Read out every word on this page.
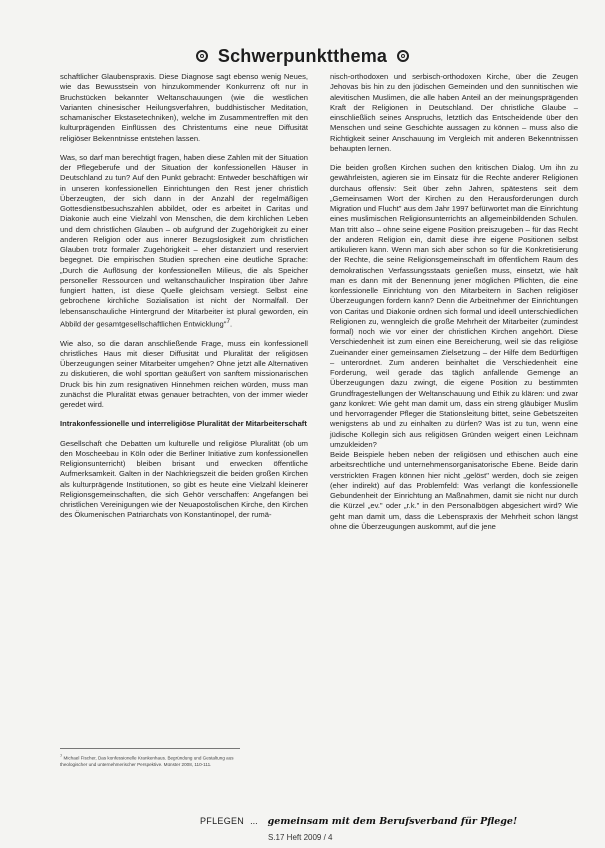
Schwerpunktthema

schaftlicher Glaubenspraxis. Diese Diagnose sagt ebenso wenig Neues, wie das Bewusstsein von hinzukommender Konkurrenz oft nur in Bruchstücken bekannter Weltanschauungen (wie die westlichen Varianten chinesischer Heilungsverfahren, buddhistischer Meditation, schamanischer Ekstasetechniken), welche im Zusammentreffen mit den kulturprägenden Einflüssen des Christentums eine neue Diffusität religiöser Bekenntnisse entstehen lassen.

Was, so darf man berechtigt fragen, haben diese Zahlen mit der Situation der Pflegeberufe und der Situation der konfessionellen Häuser in Deutschland zu tun? Auf den Punkt gebracht: Entweder beschäftigen wir in unseren konfessionellen Einrichtungen den Rest jener christlich Überzeugten, der sich dann in der Anzahl der regelmäßigen Gottesdienstbesuchszahlen abbildet, oder es arbeitet in Caritas und Diakonie auch eine Vielzahl von Menschen, die dem kirchlichen Leben und dem christlichen Glauben – ob aufgrund der Zugehörigkeit zu einer anderen Religion oder aus innerer Bezugslosigkeit zum christlichen Glauben trotz formaler Zugehörigkeit – eher distanziert und reserviert begegnet. Die empirischen Studien sprechen eine deutliche Sprache: „Durch die Auflösung der konfessionellen Milieus, die als Speicher personeller Ressourcen und weltanschaulicher Inspiration über Jahre fungiert hatten, ist diese Quelle gleichsam versiegt. Selbst eine gebrochene kirchliche Sozialisation ist nicht der Normalfall. Der lebensanschauliche Hintergrund der Mitarbeiter ist plural geworden, ein Abbild der gesamtgesellschaftlichen Entwicklung"$^7$.

Wie also, so die daran anschließende Frage, muss ein konfessionell christliches Haus mit dieser Diffusität und Pluralität der religiösen Überzeugungen seiner Mitarbeiter umgehen? Ohne jetzt alle Alternativen zu diskutieren, die wohl sporttan geäußert von sanftem missionarischen Druck bis hin zum resignativen Hinnehmen reichen würden, muss man zunächst die Pluralität etwas genauer betrachten, von der immer wieder geredet wird.

Intrakonfessionelle und interreligiöse Pluralität der Mitarbeiterschaft

Gesellschaft che Debatten um kulturelle und religiöse Pluralität (ob um den Moscheebau in Köln oder die Berliner Initiative zum konfessionellen Religionsunterricht) bleiben brisant und erwecken öffentliche Aufmerksamkeit. Galten in der Nachkriegszeit die beiden großen Kirchen als kulturprägende Institutionen, so gibt es heute eine Vielzahl kleinerer Religionsgemeinschaften, die sich Gehör verschaffen: Angefangen bei christlichen Vereinigungen wie der Neuapostolischen Kirche, den Kirchen des Ökumenischen Patriarchats von Konstantinopel, der rumä-

nisch-orthodoxen und serbisch-orthodoxen Kirche, über die Zeugen Jehovas bis hin zu den jüdischen Gemeinden und den sunnitischen wie alevitischen Muslimen, die alle haben Anteil an der meinungsprägenden Kraft der Religionen in Deutschland. Der christliche Glaube – einschließlich seines Anspruchs, letztlich das Entscheidende über den Menschen und seine Geschichte aussagen zu können – muss also die Richtigkeit seiner Anschauung im Vergleich mit anderen Bekenntnissen behaupten lernen.

Die beiden großen Kirchen suchen den kritischen Dialog. Um ihn zu gewährleisten, agieren sie im Einsatz für die Rechte anderer Religionen durchaus offensiv: Seit über zehn Jahren, spätestens seit dem „Gemeinsamen Wort der Kirchen zu den Herausforderungen durch Migration und Flucht" aus dem Jahr 1997 befürwortet man die Einrichtung eines muslimischen Religionsunterrichts an allgemeinbildenden Schulen. Man tritt also – ohne seine eigene Position preiszugeben – für das Recht der anderen Religion ein, damit diese ihre eigene Positionen selbst artikulieren kann. Wenn man sich aber schon so für die Konkretisierung der Rechte, die seine Religionsgemeinschaft im öffentlichem Raum des demokratischen Verfassungsstaats genießen muss, einsetzt, wie hält man es dann mit der Benennung jener möglichen Pflichten, die eine konfessionelle Einrichtung von den Mitarbeitern in Sachen religiöser Überzeugungen fordern kann? Denn die Arbeitnehmer der Einrichtungen von Caritas und Diakonie ordnen sich formal und ideell unterschiedlichen Religionen zu, wenngleich die große Mehrheit der Mitarbeiter (zumindest formal) noch wie vor einer der christlichen Kirchen angehört. Diese Verschiedenheit ist zum einen eine Bereicherung, weil sie das religiöse Zueinander einer gemeinsamen Zielsetzung – der Hilfe dem Bedürftigen – unterordnet. Zum anderen beinhaltet die Verschiedenheit eine Forderung, weil gerade das täglich anfallende Gemenge an Überzeugungen dazu zwingt, die eigene Position zu bestimmten Grundfragestellungen der Weltanschauung und Ethik zu klären: und zwar ganz konkret: Wie geht man damit um, dass ein streng gläubiger Muslim und hervorragender Pfleger die Stationsleitung bittet, seine Gebetszeiten wenigstens ab und zu einhalten zu dürfen? Was ist zu tun, wenn eine jüdische Kollegin sich aus religiösen Gründen weigert einen Leichnam umzukleiden?

Beide Beispiele heben neben der religiösen und ethischen auch eine arbeitsrechtliche und unternehmensorganisatorische Ebene. Beide darin verstrickten Fragen können hier nicht „gelöst" werden, doch sie zeigen (eher indirekt) auf das Problemfeld: Was verlangt die konfessionelle Gebundenheit der Einrichtung an Maßnahmen, damit sie nicht nur durch die Kürzel „ev." oder „r.k." in den Personalbögen abgesichert wird? Wie geht man damit um, dass die Lebenspraxis der Mehrheit schon längst ohne die Überzeugungen auskommt, auf die jene

$^7$ Michael Fischer, Das konfessionelle Krankenhaus. Begründung und Gestaltung aus theologischer und unternehmerischer Perspektive. Münster 2008, 110-111.
PFLEGEN ... gemeinsam mit dem Berufsverband für Pflege!
S.17 Heft 2009 / 4
